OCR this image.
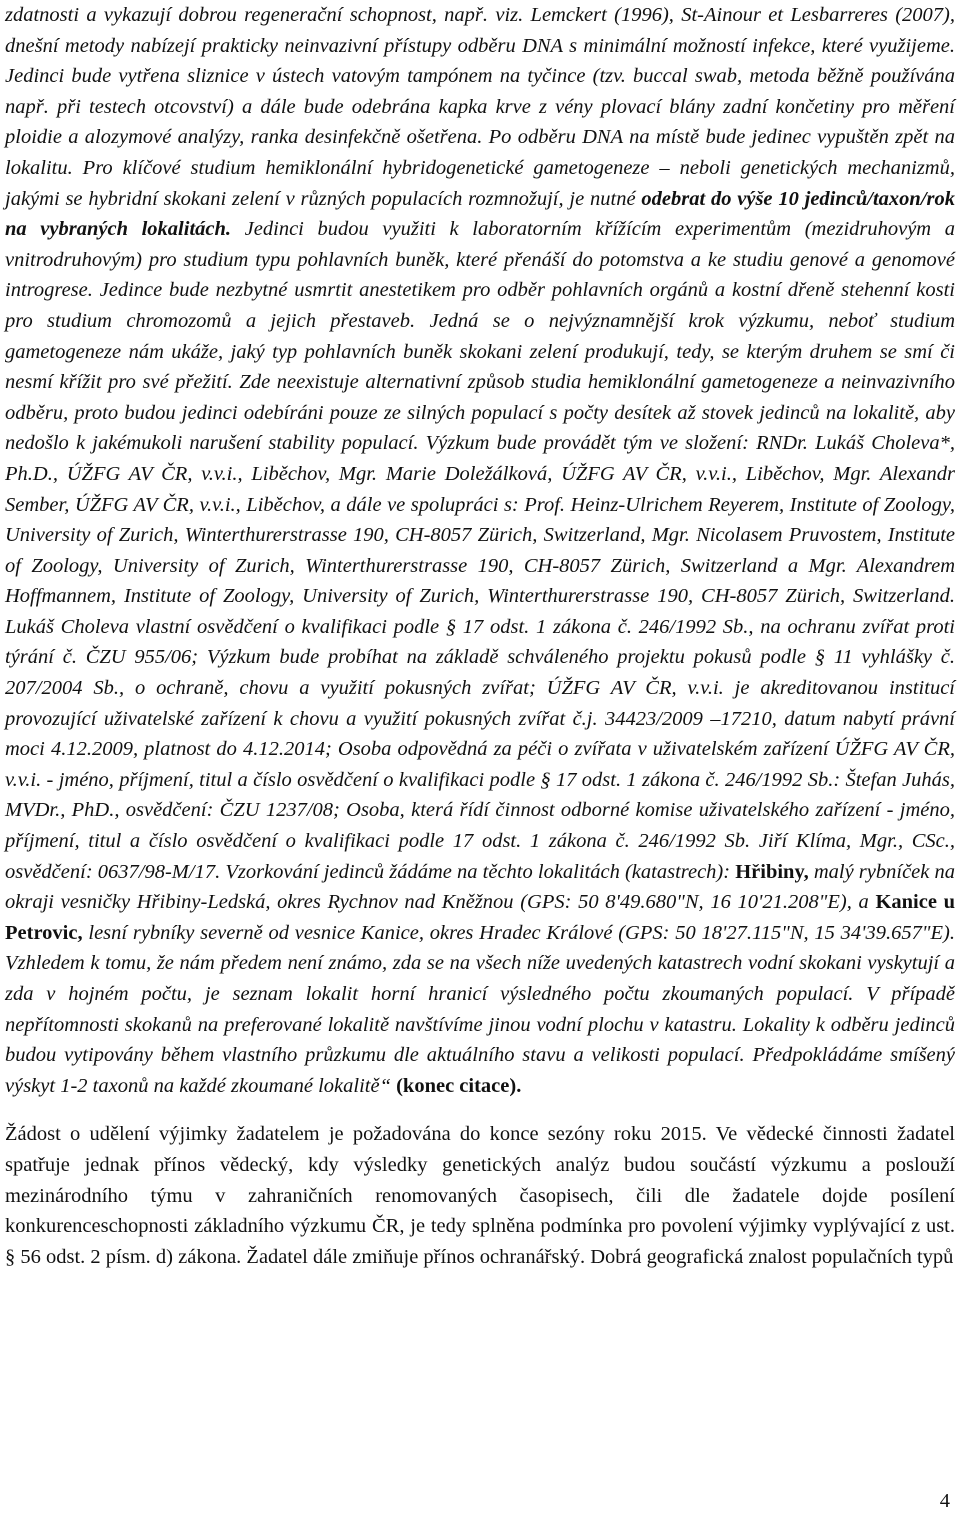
zdatnosti a vykazují dobrou regenerační schopnost, např. viz. Lemckert (1996), St-Ainour et Lesbarreres (2007), dnešní metody nabízejí prakticky neinvazivní přístupy odběru DNA s minimální možností infekce, které využijeme. Jedinci bude vytřena sliznice v ústech vatovým tampónem na tyčince (tzv. buccal swab, metoda běžně používána např. při testech otcovství) a dále bude odebrána kapka krve z vény plovací blány zadní končetiny pro měření ploidie a alozymové analýzy, ranka desinfekčně ošetřena. Po odběru DNA na místě bude jedinec vypuštěn zpět na lokalitu. Pro klíčové studium hemiklonální hybridogenetické gametogeneze – neboli genetických mechanizmů, jakými se hybridní skokani zelení v různých populacích rozmnožují, je nutné odebrat do výše 10 jedinců/taxon/rok na vybraných lokalitách. Jedinci budou využiti k laboratorním křížícím experimentům (mezidruhovým a vnitrodruhovým) pro studium typu pohlavních buněk, které přenáší do potomstva a ke studiu genové a genomové introgrese. Jedince bude nezbytné usmrtit anestetikem pro odběr pohlavních orgánů a kostní dřeně stehenní kosti pro studium chromozomů a jejich přestaveb. Jedná se o nejvýznamnější krok výzkumu, neboť studium gametogeneze nám ukáže, jaký typ pohlavních buněk skokani zelení produkují, tedy, se kterým druhem se smí či nesmí křížit pro své přežití. Zde neexistuje alternativní způsob studia hemiklonální gametogeneze a neinvazivního odběru, proto budou jedinci odebíráni pouze ze silných populací s počty desítek až stovek jedinců na lokalitě, aby nedošlo k jakémukoli narušení stability populací. Výzkum bude provádět tým ve složení: RNDr. Lukáš Choleva*, Ph.D., ÚŽFG AV ČR, v.v.i., Liběchov, Mgr. Marie Doležálková, ÚŽFG AV ČR, v.v.i., Liběchov, Mgr. Alexandr Sember, ÚŽFG AV ČR, v.v.i., Liběchov, a dále ve spolupráci s: Prof. Heinz-Ulrichem Reyerem, Institute of Zoology, University of Zurich, Winterthurerstrasse 190, CH-8057 Zürich, Switzerland, Mgr. Nicolasem Pruvostem, Institute of Zoology, University of Zurich, Winterthurerstrasse 190, CH-8057 Zürich, Switzerland a Mgr. Alexandrem Hoffmannem, Institute of Zoology, University of Zurich, Winterthurerstrasse 190, CH-8057 Zürich, Switzerland. Lukáš Choleva vlastní osvědčení o kvalifikaci podle § 17 odst. 1 zákona č. 246/1992 Sb., na ochranu zvířat proti týrání č. ČZU 955/06; Výzkum bude probíhat na základě schváleného projektu pokusů podle § 11 vyhlášky č. 207/2004 Sb., o ochraně, chovu a využití pokusných zvířat; ÚŽFG AV ČR, v.v.i. je akreditovanou institucí provozující uživatelské zařízení k chovu a využití pokusných zvířat č.j. 34423/2009 –17210, datum nabytí právní moci 4.12.2009, platnost do 4.12.2014; Osoba odpovědná za péči o zvířata v uživatelském zařízení ÚŽFG AV ČR, v.v.i. - jméno, příjmení, titul a číslo osvědčení o kvalifikaci podle § 17 odst. 1 zákona č. 246/1992 Sb.: Štefan Juhás, MVDr., PhD., osvědčení: ČZU 1237/08; Osoba, která řídí činnost odborné komise uživatelského zařízení - jméno, příjmení, titul a číslo osvědčení o kvalifikaci podle 17 odst. 1 zákona č. 246/1992 Sb. Jiří Klíma, Mgr., CSc., osvědčení: 0637/98-M/17. Vzorkování jedinců žádáme na těchto lokalitách (katastrech): Hřibiny, malý rybníček na okraji vesničky Hřibiny-Ledská, okres Rychnov nad Kněžnou (GPS: 50 8'49.680"N, 16 10'21.208"E), a Kanice u Petrovic, lesní rybníky severně od vesnice Kanice, okres Hradec Králové (GPS: 50 18'27.115"N, 15 34'39.657"E). Vzhledem k tomu, že nám předem není známo, zda se na všech níže uvedených katastrech vodní skokani vyskytují a zda v hojném počtu, je seznam lokalit horní hranicí výsledného počtu zkoumaných populací. V případě nepřítomnosti skokanů na preferované lokalitě navštívíme jinou vodní plochu v katastru. Lokality k odběru jedinců budou vytipovány během vlastního průzkumu dle aktuálního stavu a velikosti populací. Předpokládáme smíšený výskyt 1-2 taxonů na každé zkoumané lokalitě“ (konec citace).

Žádost o udělení výjimky žadatelem je požadována do konce sezóny roku 2015. Ve vědecké činnosti žadatel spatřuje jednak přínos vědecký, kdy výsledky genetických analýz budou součástí výzkumu a poslouží mezinárodního týmu v zahraničních renomovaných časopisech, čili dle žadatele dojde posílení konkurenceschopnosti základního výzkumu ČR, je tedy splněna podmínka pro povolení výjimky vyplývající z ust. § 56 odst. 2 písm. d) zákona. Žadatel dále zmiňuje přínos ochranářský. Dobrá geografická znalost populačních typů

4
